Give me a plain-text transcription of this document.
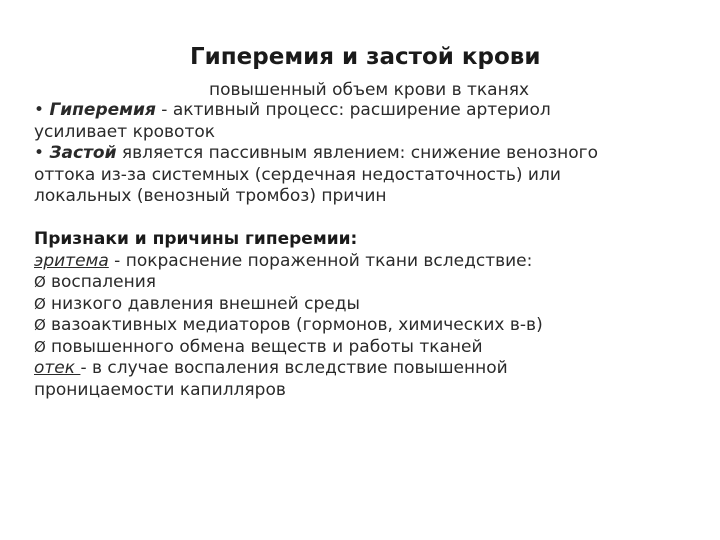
Гиперемия и застой крови
повышенный объем крови в тканях
• Гиперемия - активный процесс: расширение артериол
усиливает кровоток
• Застой является пассивным явлением: снижение венозного
оттока из-за системных (сердечная недостаточность) или
локальных (венозный тромбоз) причин
Признаки и причины гиперемии:
эритема - покраснение пораженной ткани вследствие:
Ø воспаления
Ø низкого давления внешней среды
Ø вазоактивных медиаторов (гормонов, химических в-в)
Ø повышенного обмена веществ и работы тканей
отек - в случае воспаления вследствие повышенной
проницаемости капилляров
